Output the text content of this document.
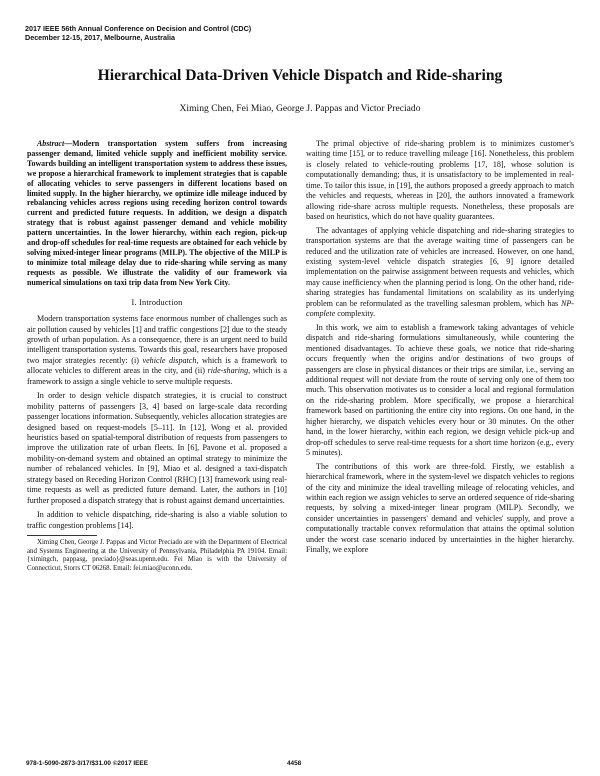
2017 IEEE 56th Annual Conference on Decision and Control (CDC)
December 12-15, 2017, Melbourne, Australia
Hierarchical Data-Driven Vehicle Dispatch and Ride-sharing
Ximing Chen, Fei Miao, George J. Pappas and Victor Preciado

Abstract—Modern transportation system suffers from increasing passenger demand, limited vehicle supply and inefficient mobility service. Towards building an intelligent transportation system to address these issues, we propose a hierarchical framework to implement strategies that is capable of allocating vehicles to serve passengers in different locations based on limited supply. In the higher hierarchy, we optimize idle mileage induced by rebalancing vehicles across regions using receding horizon control towards current and predicted future requests. In addition, we design a dispatch strategy that is robust against passenger demand and vehicle mobility pattern uncertainties. In the lower hierarchy, within each region, pick-up and drop-off schedules for real-time requests are obtained for each vehicle by solving mixed-integer linear programs (MILP). The objective of the MILP is to minimize total mileage delay due to ride-sharing while serving as many requests as possible. We illustrate the validity of our framework via numerical simulations on taxi trip data from New York City.

I. Introduction

Modern transportation systems face enormous number of challenges such as air pollution caused by vehicles [1] and traffic congestions [2] due to the steady growth of urban population. As a consequence, there is an urgent need to build intelligent transportation systems. Towards this goal, researchers have proposed two major strategies recently: (i) vehicle dispatch, which is a framework to allocate vehicles to different areas in the city, and (ii) ride-sharing, which is a framework to assign a single vehicle to serve multiple requests.

In order to design vehicle dispatch strategies, it is crucial to construct mobility patterns of passengers [3, 4] based on large-scale data recording passenger locations information. Subsequently, vehicles allocation strategies are designed based on request-models [5–11]. In [12], Wong et al. provided heuristics based on spatial-temporal distribution of requests from passengers to improve the utilization rate of urban fleets. In [6], Pavone et al. proposed a mobility-on-demand system and obtained an optimal strategy to minimize the number of rebalanced vehicles. In [9], Miao et al. designed a taxi-dispatch strategy based on Receding Horizon Control (RHC) [13] framework using real-time requests as well as predicted future demand. Later, the authors in [10] further proposed a dispatch strategy that is robust against demand uncertainties.

In addition to vehicle dispatching, ride-sharing is also a viable solution to traffic congestion problems [14].

Ximing Chen, George J. Pappas and Victor Preciado are with the Department of Electrical and Systems Engineering at the University of Pennsylvania, Philadelphia PA 19104. Email:{ximingch, pappasg, preciado}@seas.upenn.edu. Fei Miao is with the University of Connecticut, Storrs CT 06268. Email: fei.miao@uconn.edu.

The primal objective of ride-sharing problem is to minimizes customer's waiting time [15], or to reduce travelling mileage [16]. Nonetheless, this problem is closely related to vehicle-routing problems [17, 18], whose solution is computationally demanding; thus, it is unsatisfactory to be implemented in real-time. To tailor this issue, in [19], the authors proposed a greedy approach to match the vehicles and requests, whereas in [20], the authors innovated a framework allowing ride-share across multiple requests. Nonetheless, these proposals are based on heuristics, which do not have quality guarantees.

The advantages of applying vehicle dispatching and ride-sharing strategies to transportation systems are that the average waiting time of passengers can be reduced and the utilization rate of vehicles are increased. However, on one hand, existing system-level vehicle dispatch strategies [6, 9] ignore detailed implementation on the pairwise assignment between requests and vehicles, which may cause inefficiency when the planning period is long. On the other hand, ride-sharing strategies has fundamental limitations on scalability as its underlying problem can be reformulated as the travelling salesman problem, which has NP-complete complexity.

In this work, we aim to establish a framework taking advantages of vehicle dispatch and ride-sharing formulations simultaneously, while countering the mentioned disadvantages. To achieve these goals, we notice that ride-sharing occurs frequently when the origins and/or destinations of two groups of passengers are close in physical distances or their trips are similar, i.e., serving an additional request will not deviate from the route of serving only one of them too much. This observation motivates us to consider a local and regional formulation on the ride-sharing problem. More specifically, we propose a hierarchical framework based on partitioning the entire city into regions. On one hand, in the higher hierarchy, we dispatch vehicles every hour or 30 minutes. On the other hand, in the lower hierarchy, within each region, we design vehicle pick-up and drop-off schedules to serve real-time requests for a short time horizon (e.g., every 5 minutes).

The contributions of this work are three-fold. Firstly, we establish a hierarchical framework, where in the system-level we dispatch vehicles to regions of the city and minimize the ideal travelling mileage of relocating vehicles, and within each region we assign vehicles to serve an ordered sequence of ride-sharing requests, by solving a mixed-integer linear program (MILP). Secondly, we consider uncertainties in passengers' demand and vehicles' supply, and prove a computationally tractable convex reformulation that attains the optimal solution under the worst case scenario induced by uncertainties in the higher hierarchy. Finally, we explore

978-1-5090-2873-3/17/$31.00 ©2017 IEEE	4458
